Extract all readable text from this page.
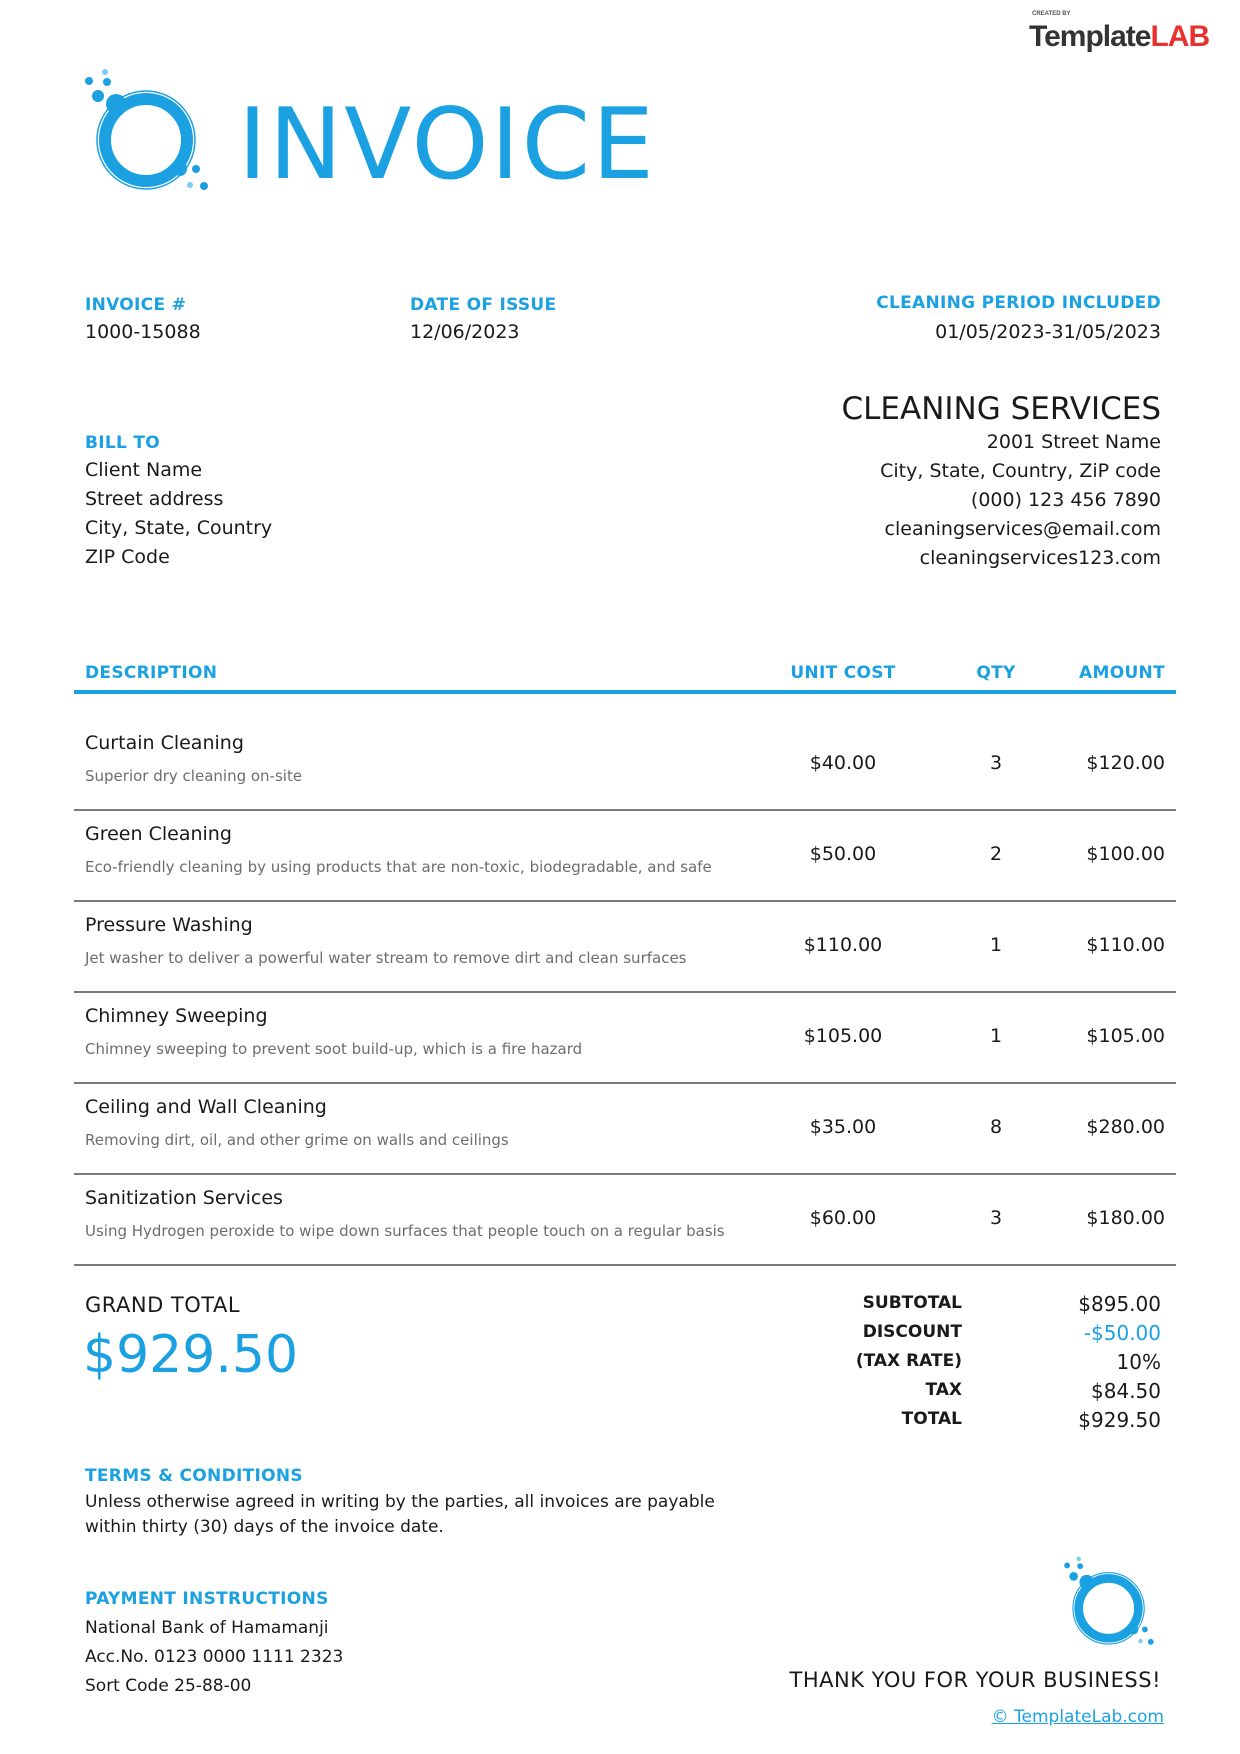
CREATED BY
TemplateLAB
INVOICE
INVOICE #
1000-15088
DATE OF ISSUE
12/06/2023
CLEANING PERIOD INCLUDED
01/05/2023-31/05/2023
BILL TO
Client Name
Street address
City, State, Country
ZIP Code
CLEANING SERVICES
2001 Street Name
City, State, Country, ZiP code
(000) 123 456 7890
cleaningservices@email.com
cleaningservices123.com
DESCRIPTION	UNIT COST	QTY	AMOUNT
Curtain Cleaning
Superior dry cleaning on-site
$40.00	3	$120.00
Green Cleaning
Eco-friendly cleaning by using products that are non-toxic, biodegradable, and safe
$50.00	2	$100.00
Pressure Washing
Jet washer to deliver a powerful water stream to remove dirt and clean surfaces
$110.00	1	$110.00
Chimney Sweeping
Chimney sweeping to prevent soot build-up, which is a fire hazard
$105.00	1	$105.00
Ceiling and Wall Cleaning
Removing dirt, oil, and other grime on walls and ceilings
$35.00	8	$280.00
Sanitization Services
Using Hydrogen peroxide to wipe down surfaces that people touch on a regular basis
$60.00	3	$180.00
GRAND TOTAL
$929.50
SUBTOTAL	$895.00
DISCOUNT	-$50.00
(TAX RATE)	10%
TAX	$84.50
TOTAL	$929.50
TERMS & CONDITIONS
Unless otherwise agreed in writing by the parties, all invoices are payable
within thirty (30) days of the invoice date.
PAYMENT INSTRUCTIONS
National Bank of Hamamanji
Acc.No. 0123 0000 1111 2323
Sort Code 25-88-00	THANK YOU FOR YOUR BUSINESS!
© TemplateLab.com
